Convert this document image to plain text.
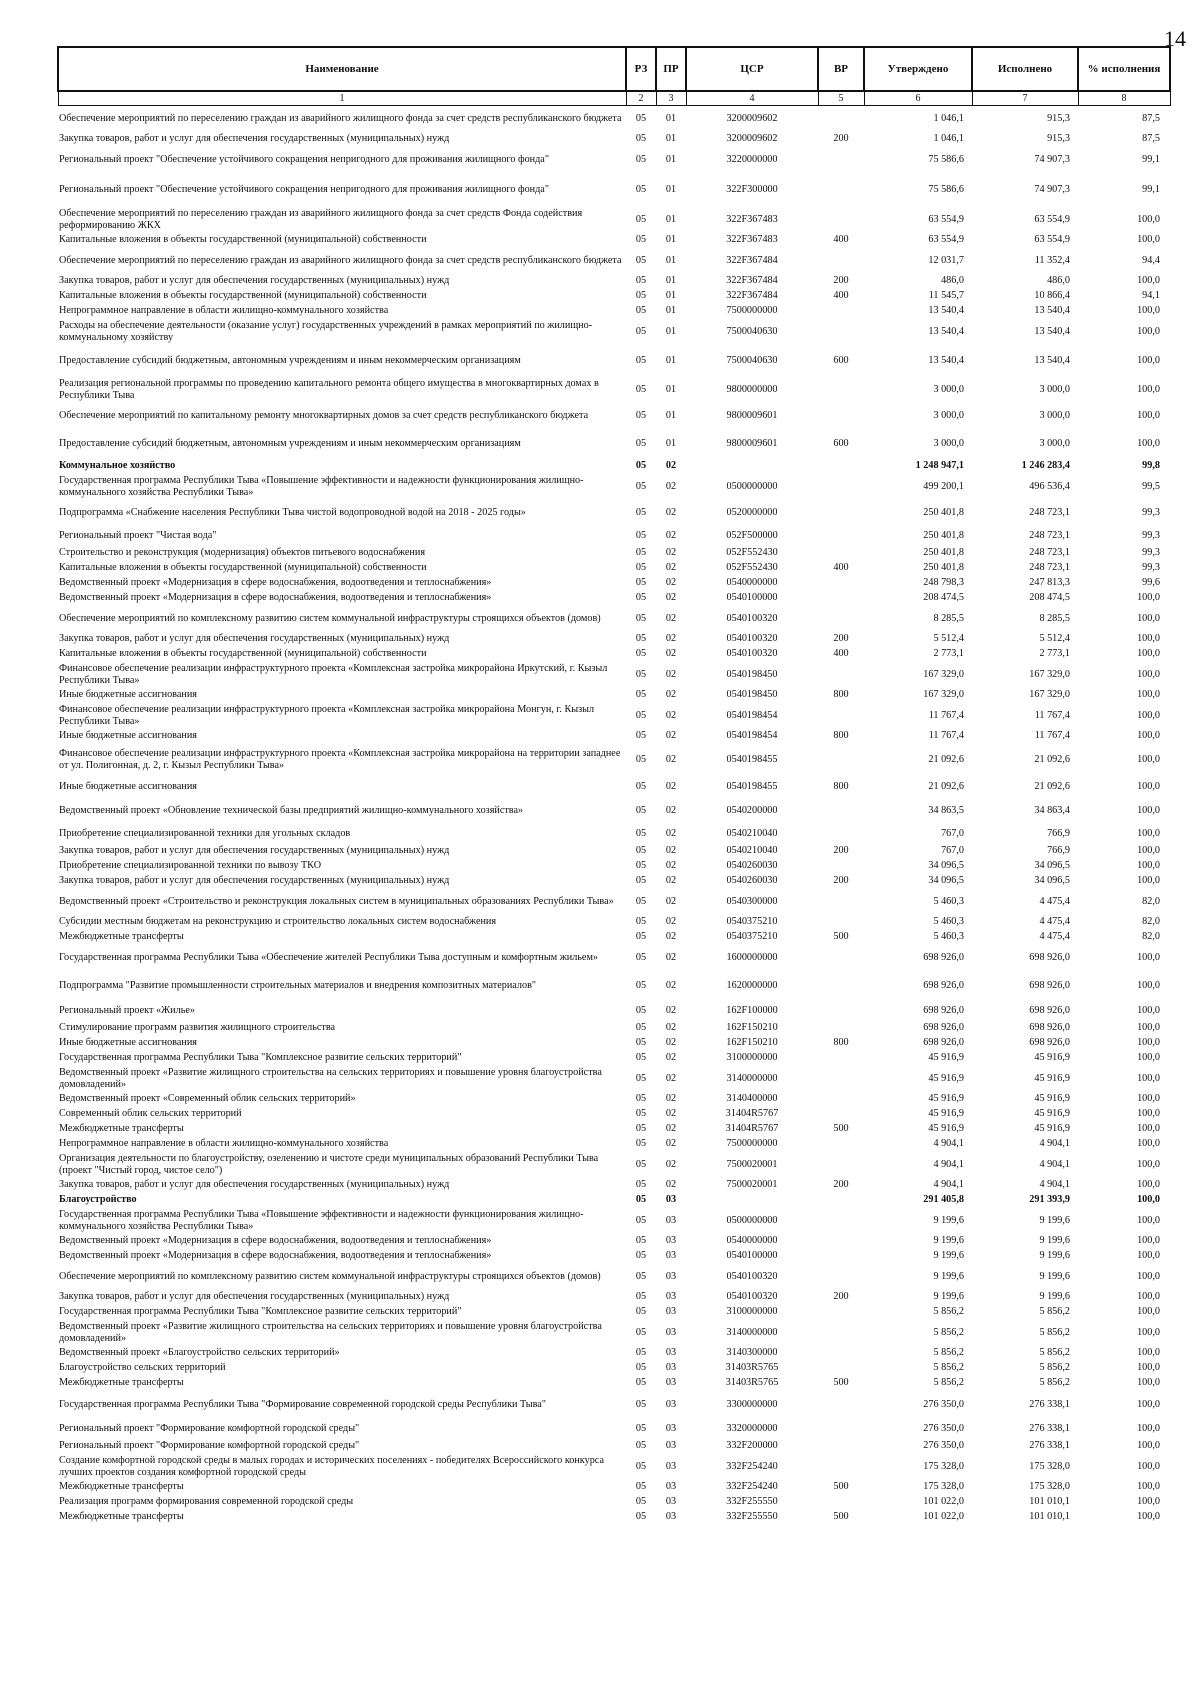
14
Наименование	РЗ	ПР	ЦСР	ВР	Утверждено	Исполнено	% исполнения
1	2	3	4	5	6	7	8
Обеспечение мероприятий по переселению граждан из аварийного жилищного фонда за счет средств республиканского бюджета	05	01	3200009602		1 046,1	915,3	87,5
Закупка товаров, работ и услуг для обеспечения государственных (муниципальных) нужд	05	01	3200009602	200	1 046,1	915,3	87,5
Региональный проект "Обеспечение устойчивого сокращения непригодного для проживания жилищного фонда"	05	01	3220000000		75 586,6	74 907,3	99,1
Региональный проект "Обеспечение устойчивого сокращения непригодного для проживания жилищного фонда"	05	01	322F300000		75 586,6	74 907,3	99,1
Обеспечение мероприятий по переселению граждан из аварийного жилищного фонда за счет средств Фонда содействия реформированию ЖКХ	05	01	322F367483		63 554,9	63 554,9	100,0
Капитальные вложения в объекты государственной (муниципальной) собственности	05	01	322F367483	400	63 554,9	63 554,9	100,0
Обеспечение мероприятий по переселению граждан из аварийного жилищного фонда за счет средств республиканского бюджета	05	01	322F367484		12 031,7	11 352,4	94,4
Закупка товаров, работ и услуг для обеспечения государственных (муниципальных) нужд	05	01	322F367484	200	486,0	486,0	100,0
Капитальные вложения в объекты государственной (муниципальной) собственности	05	01	322F367484	400	11 545,7	10 866,4	94,1
Непрограммное направление в области жилищно-коммунального хозяйства	05	01	7500000000		13 540,4	13 540,4	100,0
Расходы на обеспечение деятельности (оказание услуг) государственных учреждений в рамках мероприятий по жилищно-коммунальному хозяйству	05	01	7500040630		13 540,4	13 540,4	100,0
Предоставление субсидий бюджетным, автономным учреждениям и иным некоммерческим организациям	05	01	7500040630	600	13 540,4	13 540,4	100,0
Реализация региональной программы по проведению капитального ремонта общего имущества в многоквартирных домах в Республики Тыва	05	01	9800000000		3 000,0	3 000,0	100,0
Обеспечение мероприятий по капитальному ремонту многоквартирных домов за счет средств республиканского бюджета	05	01	9800009601		3 000,0	3 000,0	100,0
Предоставление субсидий бюджетным, автономным учреждениям и иным некоммерческим организациям	05	01	9800009601	600	3 000,0	3 000,0	100,0
Коммунальное хозяйство	05	02			1 248 947,1	1 246 283,4	99,8
Государственная программа Республики Тыва «Повышение эффективности и надежности функционирования жилищно-коммунального хозяйства Республики Тыва»	05	02	0500000000		499 200,1	496 536,4	99,5
Подпрограмма «Снабжение населения Республики Тыва чистой водопроводной водой на 2018 - 2025 годы»	05	02	0520000000		250 401,8	248 723,1	99,3
Региональный проект "Чистая вода"	05	02	052F500000		250 401,8	248 723,1	99,3
Строительство и реконструкция (модернизация) объектов питьевого водоснабжения	05	02	052F552430		250 401,8	248 723,1	99,3
Капитальные вложения в объекты государственной (муниципальной) собственности	05	02	052F552430	400	250 401,8	248 723,1	99,3
Ведомственный проект «Модернизация в сфере водоснабжения, водоотведения и теплоснабжения»	05	02	0540000000		248 798,3	247 813,3	99,6
Ведомственный проект «Модернизация в сфере водоснабжения, водоотведения и теплоснабжения»	05	02	0540100000		208 474,5	208 474,5	100,0
Обеспечение мероприятий по комплексному развитию систем коммунальной инфраструктуры строящихся объектов (домов)	05	02	0540100320		8 285,5	8 285,5	100,0
Закупка товаров, работ и услуг для обеспечения государственных (муниципальных) нужд	05	02	0540100320	200	5 512,4	5 512,4	100,0
Капитальные вложения в объекты государственной (муниципальной) собственности	05	02	0540100320	400	2 773,1	2 773,1	100,0
Финансовое обеспечение реализации инфраструктурного проекта «Комплексная застройка микрорайона Иркутский, г. Кызыл Республики Тыва»	05	02	0540198450		167 329,0	167 329,0	100,0
Иные бюджетные ассигнования	05	02	0540198450	800	167 329,0	167 329,0	100,0
Финансовое обеспечение реализации инфраструктурного проекта «Комплексная застройка микрорайона Монгун, г. Кызыл Республики Тыва»	05	02	0540198454		11 767,4	11 767,4	100,0
Иные бюджетные ассигнования	05	02	0540198454	800	11 767,4	11 767,4	100,0
Финансовое обеспечение реализации инфраструктурного проекта «Комплексная застройка микрорайона на территории западнее от ул. Полигонная, д. 2, г. Кызыл Республики Тыва»	05	02	0540198455		21 092,6	21 092,6	100,0
Иные бюджетные ассигнования	05	02	0540198455	800	21 092,6	21 092,6	100,0
Ведомственный проект «Обновление технической базы предприятий жилищно-коммунального хозяйства»	05	02	0540200000		34 863,5	34 863,4	100,0
Приобретение специализированной техники для угольных складов	05	02	0540210040		767,0	766,9	100,0
Закупка товаров, работ и услуг для обеспечения государственных (муниципальных) нужд	05	02	0540210040	200	767,0	766,9	100,0
Приобретение специализированной техники по вывозу ТКО	05	02	0540260030		34 096,5	34 096,5	100,0
Закупка товаров, работ и услуг для обеспечения государственных (муниципальных) нужд	05	02	0540260030	200	34 096,5	34 096,5	100,0
Ведомственный проект «Строительство и реконструкция локальных систем в муниципальных образованиях Республики Тыва»	05	02	0540300000		5 460,3	4 475,4	82,0
Субсидии местным бюджетам на реконструкцию и строительство локальных систем водоснабжения	05	02	0540375210		5 460,3	4 475,4	82,0
Межбюджетные трансферты	05	02	0540375210	500	5 460,3	4 475,4	82,0
Государственная программа Республики Тыва «Обеспечение жителей Республики Тыва доступным и комфортным жильем»	05	02	1600000000		698 926,0	698 926,0	100,0
Подпрограмма "Развитие промышленности строительных материалов и внедрения композитных материалов"	05	02	1620000000		698 926,0	698 926,0	100,0
Региональный проект «Жилье»	05	02	162F100000		698 926,0	698 926,0	100,0
Стимулирование программ развития жилищного строительства	05	02	162F150210		698 926,0	698 926,0	100,0
Иные бюджетные ассигнования	05	02	162F150210	800	698 926,0	698 926,0	100,0
Государственная программа Республики Тыва "Комплексное развитие сельских территорий"	05	02	3100000000		45 916,9	45 916,9	100,0
Ведомственный проект «Развитие жилищного строительства на сельских территориях и повышение уровня благоустройства домовладений»	05	02	3140000000		45 916,9	45 916,9	100,0
Ведомственный проект «Современный облик сельских территорий»	05	02	3140400000		45 916,9	45 916,9	100,0
Современный облик сельских территорий	05	02	31404R5767		45 916,9	45 916,9	100,0
Межбюджетные трансферты	05	02	31404R5767	500	45 916,9	45 916,9	100,0
Непрограммное направление в области жилищно-коммунального хозяйства	05	02	7500000000		4 904,1	4 904,1	100,0
Организация деятельности по благоустройству, озеленению и чистоте среди муниципальных образований Республики Тыва (проект "Чистый город, чистое село")	05	02	7500020001		4 904,1	4 904,1	100,0
Закупка товаров, работ и услуг для обеспечения государственных (муниципальных) нужд	05	02	7500020001	200	4 904,1	4 904,1	100,0
Благоустройство	05	03			291 405,8	291 393,9	100,0
Государственная программа Республики Тыва «Повышение эффективности и надежности функционирования жилищно-коммунального хозяйства Республики Тыва»	05	03	0500000000		9 199,6	9 199,6	100,0
Ведомственный проект «Модернизация в сфере водоснабжения, водоотведения и теплоснабжения»	05	03	0540000000		9 199,6	9 199,6	100,0
Ведомственный проект «Модернизация в сфере водоснабжения, водоотведения и теплоснабжения»	05	03	0540100000		9 199,6	9 199,6	100,0
Обеспечение мероприятий по комплексному развитию систем коммунальной инфраструктуры строящихся объектов (домов)	05	03	0540100320		9 199,6	9 199,6	100,0
Закупка товаров, работ и услуг для обеспечения государственных (муниципальных) нужд	05	03	0540100320	200	9 199,6	9 199,6	100,0
Государственная программа Республики Тыва "Комплексное развитие сельских территорий"	05	03	3100000000		5 856,2	5 856,2	100,0
Ведомственный проект «Развитие жилищного строительства на сельских территориях и повышение уровня благоустройства домовладений»	05	03	3140000000		5 856,2	5 856,2	100,0
Ведомственный проект «Благоустройство сельских территорий»	05	03	3140300000		5 856,2	5 856,2	100,0
Благоустройство сельских территорий	05	03	31403R5765		5 856,2	5 856,2	100,0
Межбюджетные трансферты	05	03	31403R5765	500	5 856,2	5 856,2	100,0
Государственная программа Республики Тыва "Формирование современной городской среды Республики Тыва"	05	03	3300000000		276 350,0	276 338,1	100,0
Региональный проект "Формирование комфортной городской среды"	05	03	3320000000		276 350,0	276 338,1	100,0
Региональный проект "Формирование комфортной городской среды"	05	03	332F200000		276 350,0	276 338,1	100,0
Создание комфортной городской среды в малых городах и исторических поселениях - победителях Всероссийского конкурса лучших проектов создания комфортной городской среды	05	03	332F254240		175 328,0	175 328,0	100,0
Межбюджетные трансферты	05	03	332F254240	500	175 328,0	175 328,0	100,0
Реализация программ формирования современной городской среды	05	03	332F255550		101 022,0	101 010,1	100,0
Межбюджетные трансферты	05	03	332F255550	500	101 022,0	101 010,1	100,0
